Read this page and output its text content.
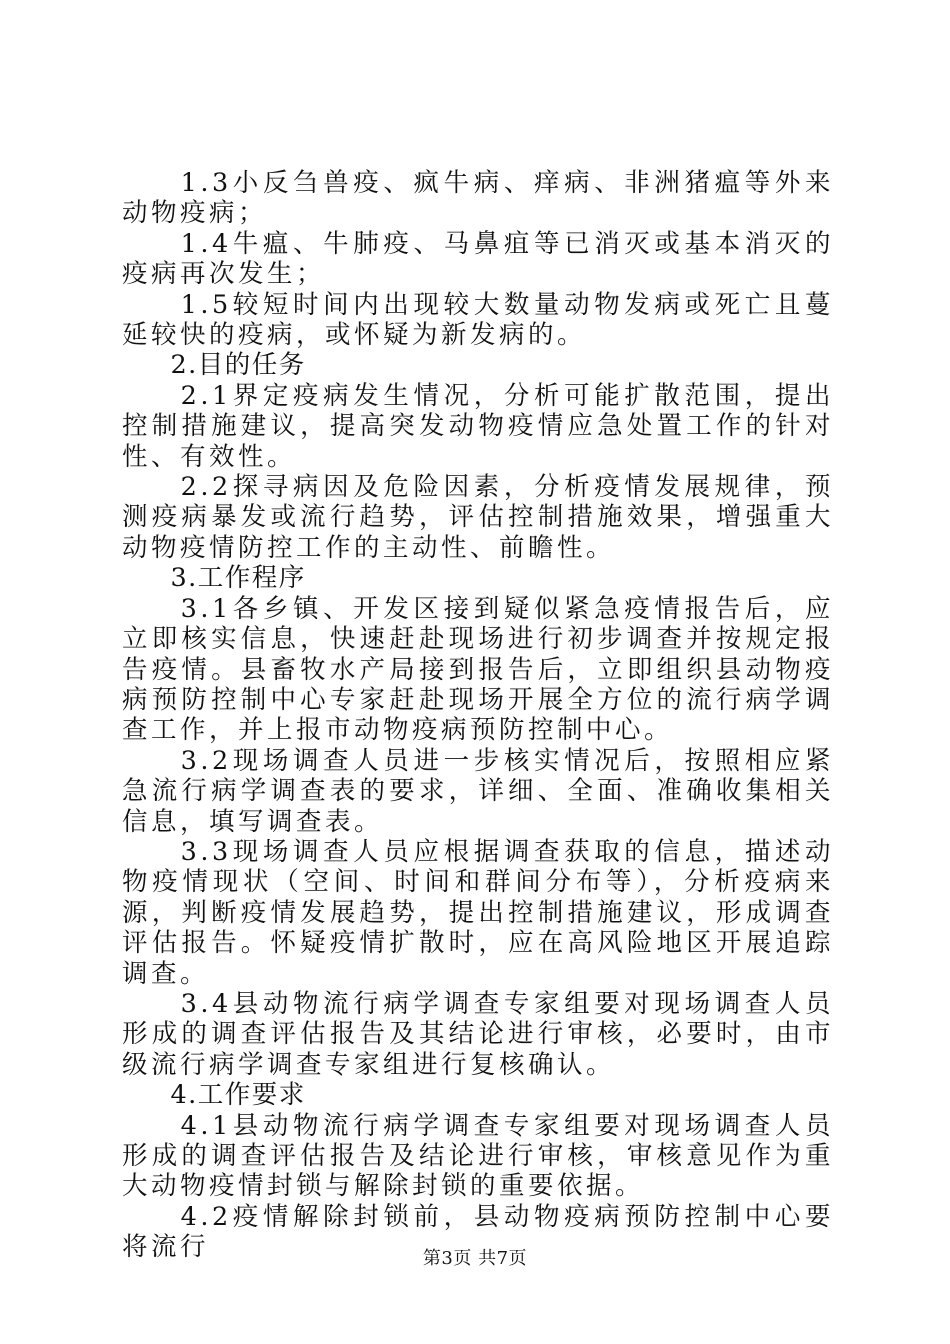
1.3小反刍兽疫、疯牛病、痒病、非洲猪瘟等外来动物疫病；

1.4牛瘟、牛肺疫、马鼻疽等已消灭或基本消灭的疫病再次发生；

1.5较短时间内出现较大数量动物发病或死亡且蔓延较快的疫病，或怀疑为新发病的。

2.目的任务

2.1界定疫病发生情况，分析可能扩散范围，提出控制措施建议，提高突发动物疫情应急处置工作的针对性、有效性。

2.2探寻病因及危险因素，分析疫情发展规律，预测疫病暴发或流行趋势，评估控制措施效果，增强重大动物疫情防控工作的主动性、前瞻性。

3.工作程序

3.1各乡镇、开发区接到疑似紧急疫情报告后，应立即核实信息，快速赶赴现场进行初步调查并按规定报告疫情。县畜牧水产局接到报告后，立即组织县动物疫病预防控制中心专家赶赴现场开展全方位的流行病学调查工作，并上报市动物疫病预防控制中心。

3.2现场调查人员进一步核实情况后，按照相应紧急流行病学调查表的要求，详细、全面、准确收集相关信息，填写调查表。

3.3现场调查人员应根据调查获取的信息，描述动物疫情现状（空间、时间和群间分布等），分析疫病来源，判断疫情发展趋势，提出控制措施建议，形成调查评估报告。怀疑疫情扩散时，应在高风险地区开展追踪调查。

3.4县动物流行病学调查专家组要对现场调查人员形成的调查评估报告及其结论进行审核，必要时，由市级流行病学调查专家组进行复核确认。

4.工作要求

4.1县动物流行病学调查专家组要对现场调查人员形成的调查评估报告及结论进行审核，审核意见作为重大动物疫情封锁与解除封锁的重要依据。

4.2疫情解除封锁前，县动物疫病预防控制中心要将流行	第3页 共7页
